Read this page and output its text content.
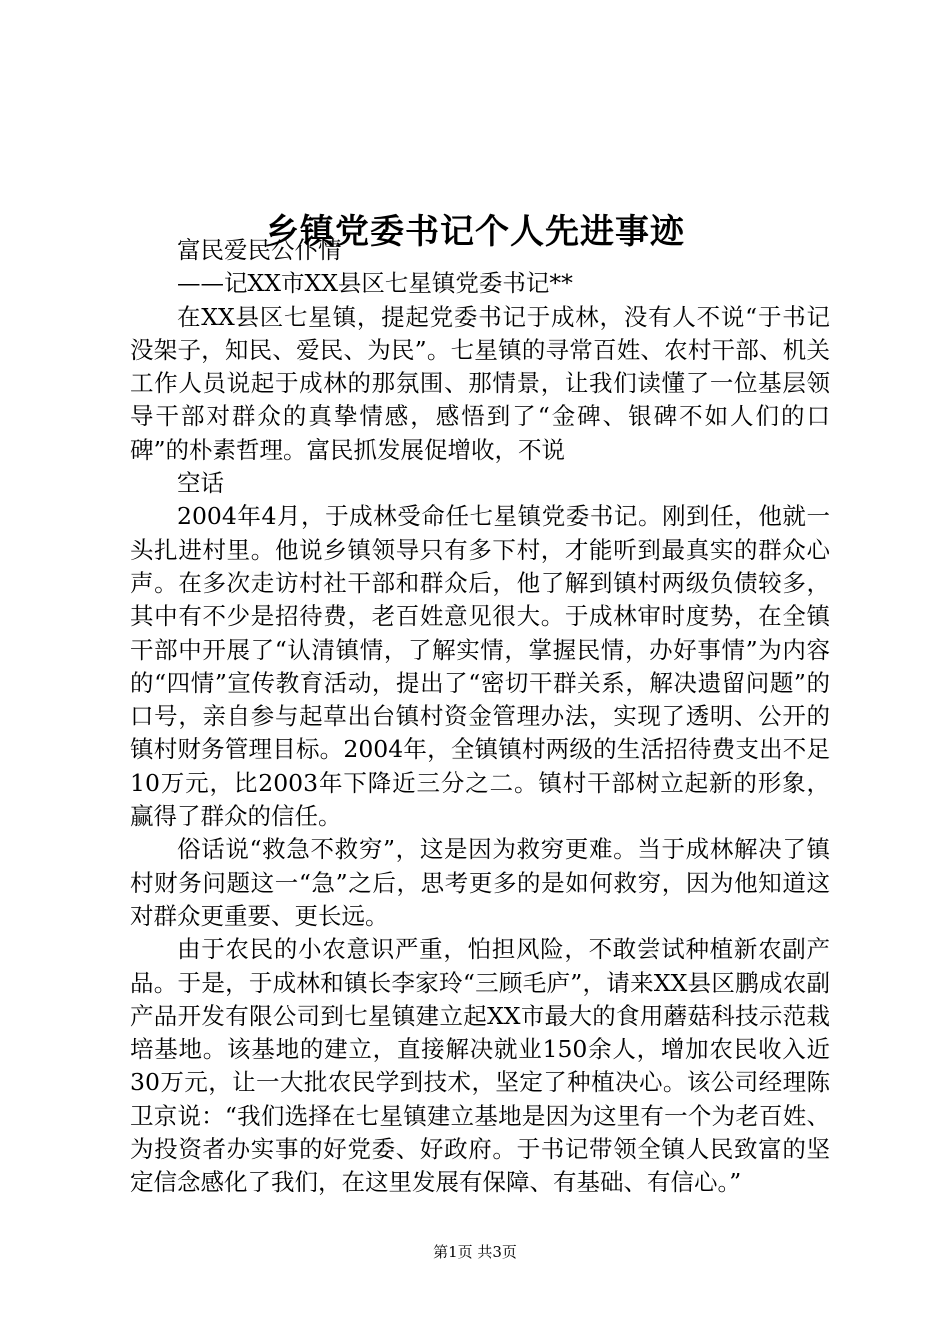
乡镇党委书记个人先进事迹

富民爱民公仆情

——记XX市XX县区七星镇党委书记**

在XX县区七星镇，提起党委书记于成林，没有人不说“于书记没架子，知民、爱民、为民”。七星镇的寻常百姓、农村干部、机关工作人员说起于成林的那氛围、那情景，让我们读懂了一位基层领导干部对群众的真挚情感，感悟到了“金碑、银碑不如人们的口碑”的朴素哲理。富民抓发展促增收，不说

空话

2004年4月，于成林受命任七星镇党委书记。刚到任，他就一头扎进村里。他说乡镇领导只有多下村，才能听到最真实的群众心声。在多次走访村社干部和群众后，他了解到镇村两级负债较多，其中有不少是招待费，老百姓意见很大。于成林审时度势，在全镇干部中开展了“认清镇情，了解实情，掌握民情，办好事情”为内容的“四情”宣传教育活动，提出了“密切干群关系，解决遗留问题”的口号，亲自参与起草出台镇村资金管理办法，实现了透明、公开的镇村财务管理目标。2004年，全镇镇村两级的生活招待费支出不足10万元，比2003年下降近三分之二。镇村干部树立起新的形象，赢得了群众的信任。

俗话说“救急不救穷”，这是因为救穷更难。当于成林解决了镇村财务问题这一“急”之后，思考更多的是如何救穷，因为他知道这对群众更重要、更长远。

由于农民的小农意识严重，怕担风险，不敢尝试种植新农副产品。于是，于成林和镇长李家玲“三顾毛庐”，请来XX县区鹏成农副产品开发有限公司到七星镇建立起XX市最大的食用蘑菇科技示范栽培基地。该基地的建立，直接解决就业150余人，增加农民收入近30万元，让一大批农民学到技术，坚定了种植决心。该公司经理陈卫京说：“我们选择在七星镇建立基地是因为这里有一个为老百姓、为投资者办实事的好党委、好政府。于书记带领全镇人民致富的坚定信念感化了我们，在这里发展有保障、有基础、有信心。”

第1页 共3页
